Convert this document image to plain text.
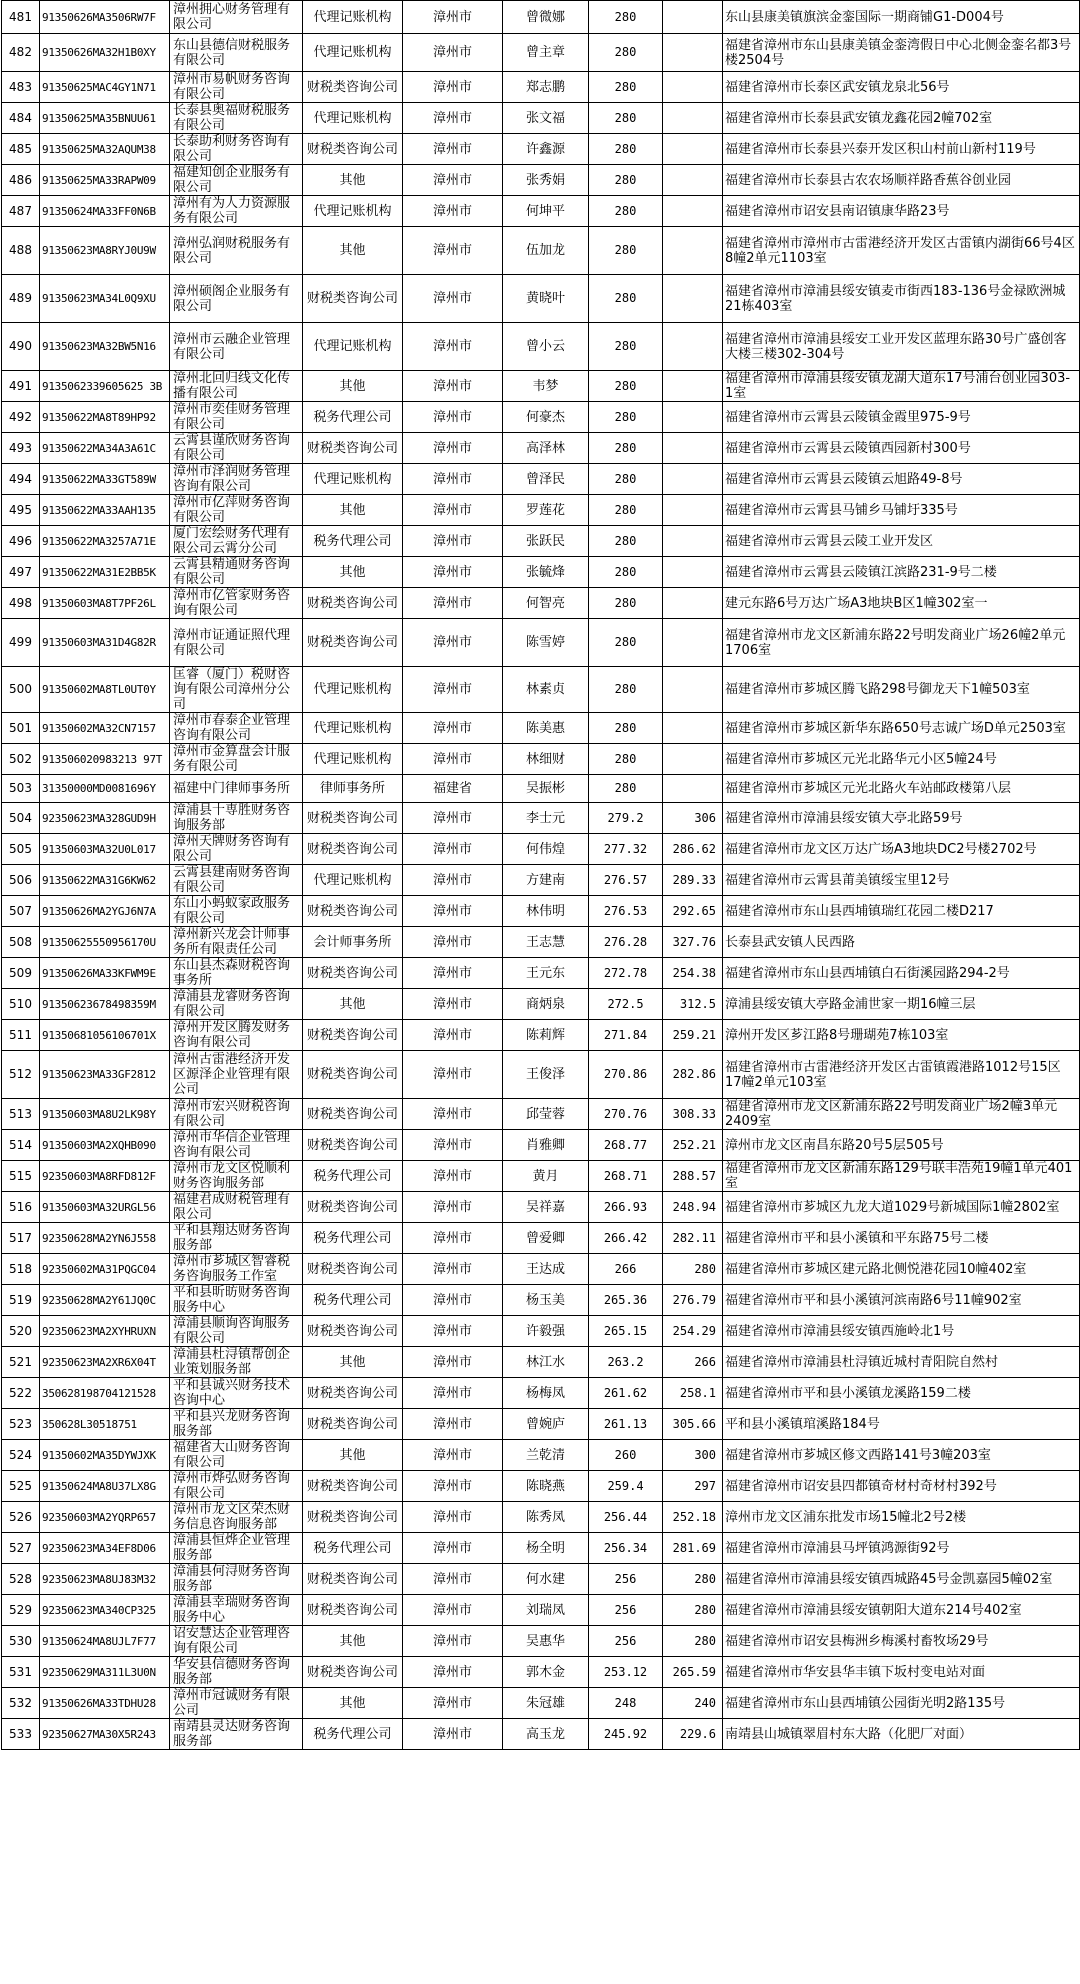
481	91350626MA3506RW7F	漳州拥心财务管理有限公司	代理记账机构	漳州市	曾微娜	280		东山县康美镇旗滨金銮国际一期商铺G1-D004号
482	91350626MA32H1B0XY	东山县德信财税服务有限公司	代理记账机构	漳州市	曾主章	280		福建省漳州市东山县康美镇金銮湾假日中心北侧金銮名都3号楼2504号
483	91350625MAC4GY1N71	漳州市易帆财务咨询有限公司	财税类咨询公司	漳州市	郑志鹏	280		福建省漳州市长泰区武安镇龙泉北56号
484	91350625MA35BNUU61	长泰县奥福财税服务有限公司	代理记账机构	漳州市	张文福	280		福建省漳州市长泰县武安镇龙鑫花园2幢702室
485	91350625MA32AQUM38	长泰助利财务咨询有限公司	财税类咨询公司	漳州市	许鑫源	280		福建省漳州市长泰县兴泰开发区积山村前山新村119号
486	91350625MA33RAPW09	福建知创企业服务有限公司	其他	漳州市	张秀娟	280		福建省漳州市长泰县古农农场顺祥路香蕉谷创业园
487	91350624MA33FF0N6B	漳州有为人力资源服务有限公司	代理记账机构	漳州市	何坤平	280		福建省漳州市诏安县南诏镇康华路23号
488	91350623MA8RYJ0U9W	漳州弘润财税服务有限公司	其他	漳州市	伍加龙	280		福建省漳州市漳州市古雷港经济开发区古雷镇内湖街66号4区8幢2单元1103室
489	91350623MA34L0Q9XU	漳州硕阁企业服务有限公司	财税类咨询公司	漳州市	黄晓叶	280		福建省漳州市漳浦县绥安镇麦市街西183-136号金禄欧洲城21栋403室
490	91350623MA32BW5N16	漳州市云融企业管理有限公司	代理记账机构	漳州市	曾小云	280		福建省漳州市漳浦县绥安工业开发区蓝理东路30号广盛创客大楼三楼302-304号
491	9135062339605625 3B	漳州北回归线文化传播有限公司	其他	漳州市	韦梦	280		福建省漳州市漳浦县绥安镇龙湖大道东17号浦台创业园303-1室
492	91350622MA8T89HP92	漳州市奕佳财务管理有限公司	税务代理公司	漳州市	何豪杰	280		福建省漳州市云霄县云陵镇金霞里975-9号
493	91350622MA34A3A61C	云霄县谨欣财务咨询有限公司	财税类咨询公司	漳州市	高泽林	280		福建省漳州市云霄县云陵镇西园新村300号
494	91350622MA33GT589W	漳州市泽润财务管理咨询有限公司	代理记账机构	漳州市	曾泽民	280		福建省漳州市云霄县云陵镇云旭路49-8号
495	91350622MA33AAH135	漳州市亿萍财务咨询有限公司	其他	漳州市	罗莲花	280		福建省漳州市云霄县马铺乡马铺圩335号
496	91350622MA3257A71E	厦门宏绘财务代理有限公司云霄分公司	税务代理公司	漳州市	张跃民	280		福建省漳州市云霄县云陵工业开发区
497	91350622MA31E2BB5K	云霄县精通财务咨询有限公司	其他	漳州市	张毓烽	280		福建省漳州市云霄县云陵镇江滨路231-9号二楼
498	91350603MA8T7PF26L	漳州市亿管家财务咨询有限公司	财税类咨询公司	漳州市	何智亮	280		建元东路6号万达广场A3地块B区1幢302室一
499	91350603MA31D4G82R	漳州市证通证照代理有限公司	财税类咨询公司	漳州市	陈雪婷	280		福建省漳州市龙文区新浦东路22号明发商业广场26幢2单元1706室
500	91350602MA8TL0UT0Y	匡睿（厦门）税财咨询有限公司漳州分公司	代理记账机构	漳州市	林素贞	280		福建省漳州市芗城区腾飞路298号御龙天下1幢503室
501	91350602MA32CN7157	漳州市春泰企业管理咨询有限公司	代理记账机构	漳州市	陈美惠	280		福建省漳州市芗城区新华东路650号志诚广场D单元2503室
502	913506020983213 97T	漳州市金算盘会计服务有限公司	代理记账机构	漳州市	林细财	280		福建省漳州市芗城区元光北路华元小区5幢24号
503	31350000MD0081696Y	福建中门律师事务所	律师事务所	福建省	吴振彬	280		福建省漳州市芗城区元光北路火车站邮政楼第八层
504	92350623MA328GUD9H	漳浦县十専胜财务咨询服务部	财税类咨询公司	漳州市	李士元	279.2	306	福建省漳州市漳浦县绥安镇大亭北路59号
505	91350603MA32U0L017	漳州天牌财务咨询有限公司	财税类咨询公司	漳州市	何伟煌	277.32	286.62	福建省漳州市龙文区万达广场A3地块DC2号楼2702号
506	91350622MA31G6KW62	云霄县建南财务咨询有限公司	代理记账机构	漳州市	方建南	276.57	289.33	福建省漳州市云霄县莆美镇绥宝里12号
507	91350626MA2YGJ6N7A	东山小蚂蚁家政服务有限公司	财税类咨询公司	漳州市	林伟明	276.53	292.65	福建省漳州市东山县西埔镇瑞红花园二楼D217
508	91350625550956170U	漳州新兴龙会计师事务所有限责任公司	会计师事务所	漳州市	王志慧	276.28	327.76	长泰县武安镇人民西路
509	91350626MA33KFWM9E	东山县杰森财税咨询事务所	财税类咨询公司	漳州市	王元东	272.78	254.38	福建省漳州市东山县西埔镇白石街溪园路294-2号
510	91350623678498359M	漳浦县龙睿财务咨询有限公司	其他	漳州市	商炳泉	272.5	312.5	漳浦县绥安镇大亭路金浦世家一期16幢三层
511	91350681056106701X	漳州开发区腾发财务咨询有限公司	财税类咨询公司	漳州市	陈莉辉	271.84	259.21	漳州开发区芗江路8号珊瑚苑7栋103室
512	91350623MA33GF2812	漳州古雷港经济开发区源泽企业管理有限公司	财税类咨询公司	漳州市	王俊泽	270.86	282.86	福建省漳州市古雷港经济开发区古雷镇霞港路1012号15区17幢2单元103室
513	91350603MA8U2LK98Y	漳州市宏兴财税咨询有限公司	财税类咨询公司	漳州市	邱莹蓉	270.76	308.33	福建省漳州市龙文区新浦东路22号明发商业广场2幢3单元2409室
514	91350603MA2XQHB090	漳州市华信企业管理咨询有限公司	财税类咨询公司	漳州市	肖雅卿	268.77	252.21	漳州市龙文区南昌东路20号5层505号
515	92350603MA8RFD812F	漳州市龙文区悦顺利财务咨询服务部	税务代理公司	漳州市	黄月	268.71	288.57	福建省漳州市龙文区新浦东路129号联丰浩苑19幢1单元401室
516	91350603MA32URGL56	福建君成财税管理有限公司	财税类咨询公司	漳州市	吴祥嘉	266.93	248.94	福建省漳州市芗城区九龙大道1029号新城国际1幢2802室
517	92350628MA2YN6J558	平和县翔达财务咨询服务部	税务代理公司	漳州市	曾爱卿	266.42	282.11	福建省漳州市平和县小溪镇和平东路75号二楼
518	92350602MA31PQGC04	漳州市芗城区智睿税务咨询服务工作室	财税类咨询公司	漳州市	王达成	266	280	福建省漳州市芗城区建元路北侧悦港花园10幢402室
519	92350628MA2Y61JQ0C	平和县昕昉财务咨询服务中心	税务代理公司	漳州市	杨玉美	265.36	276.79	福建省漳州市平和县小溪镇河滨南路6号11幢902室
520	92350623MA2XYHRUXN	漳浦县顺询咨询服务有限公司	财税类咨询公司	漳州市	许毅强	265.15	254.29	福建省漳州市漳浦县绥安镇西施岭北1号
521	92350623MA2XR6X04T	漳浦县杜浔镇帮创企业策划服务部	其他	漳州市	林江水	263.2	266	福建省漳州市漳浦县杜浔镇近城村青阳院自然村
522	350628198704121528	平和县诚兴财务技术咨询中心	财税类咨询公司	漳州市	杨梅凤	261.62	258.1	福建省漳州市平和县小溪镇龙溪路159二楼
523	350628L30518751	平和县兴龙财务咨询服务部	财税类咨询公司	漳州市	曾婉庐	261.13	305.66	平和县小溪镇琯溪路184号
524	91350602MA35DYWJXK	福建省大山财务咨询有限公司	其他	漳州市	兰乾清	260	300	福建省漳州市芗城区修文西路141号3幢203室
525	91350624MA8U37LX8G	漳州市烨弘财务咨询有限公司	财税类咨询公司	漳州市	陈晓燕	259.4	297	福建省漳州市诏安县四都镇奇材村奇材村392号
526	92350603MA2YQRP657	漳州市龙文区荣杰财务信息咨询服务部	财税类咨询公司	漳州市	陈秀凤	256.44	252.18	漳州市龙文区浦东批发市场15幢北2号2楼
527	92350623MA34EF8D06	漳浦县恒烨企业管理服务部	税务代理公司	漳州市	杨全明	256.34	281.69	福建省漳州市漳浦县马坪镇鸿源街92号
528	92350623MA8UJ83M32	漳浦县何浔财务咨询服务部	财税类咨询公司	漳州市	何水建	256	280	福建省漳州市漳浦县绥安镇西城路45号金凯嘉园5幢02室
529	92350623MA340CP325	漳浦县幸瑞财务咨询服务中心	财税类咨询公司	漳州市	刘瑞凤	256	280	福建省漳州市漳浦县绥安镇朝阳大道东214号402室
530	91350624MA8UJL7F77	诏安慧达企业管理咨询有限公司	其他	漳州市	吴惠华	256	280	福建省漳州市诏安县梅洲乡梅溪村畜牧场29号
531	92350629MA311L3U0N	华安县信德财务咨询服务部	财税类咨询公司	漳州市	郭木金	253.12	265.59	福建省漳州市华安县华丰镇下坂村变电站对面
532	91350626MA33TDHU28	漳州市冠诚财务有限公司	其他	漳州市	朱冠雄	248	240	福建省漳州市东山县西埔镇公园街光明2路135号
533	92350627MA30X5R243	南靖县灵达财务咨询服务部	税务代理公司	漳州市	高玉龙	245.92	229.6	南靖县山城镇翠眉村东大路（化肥厂对面）
